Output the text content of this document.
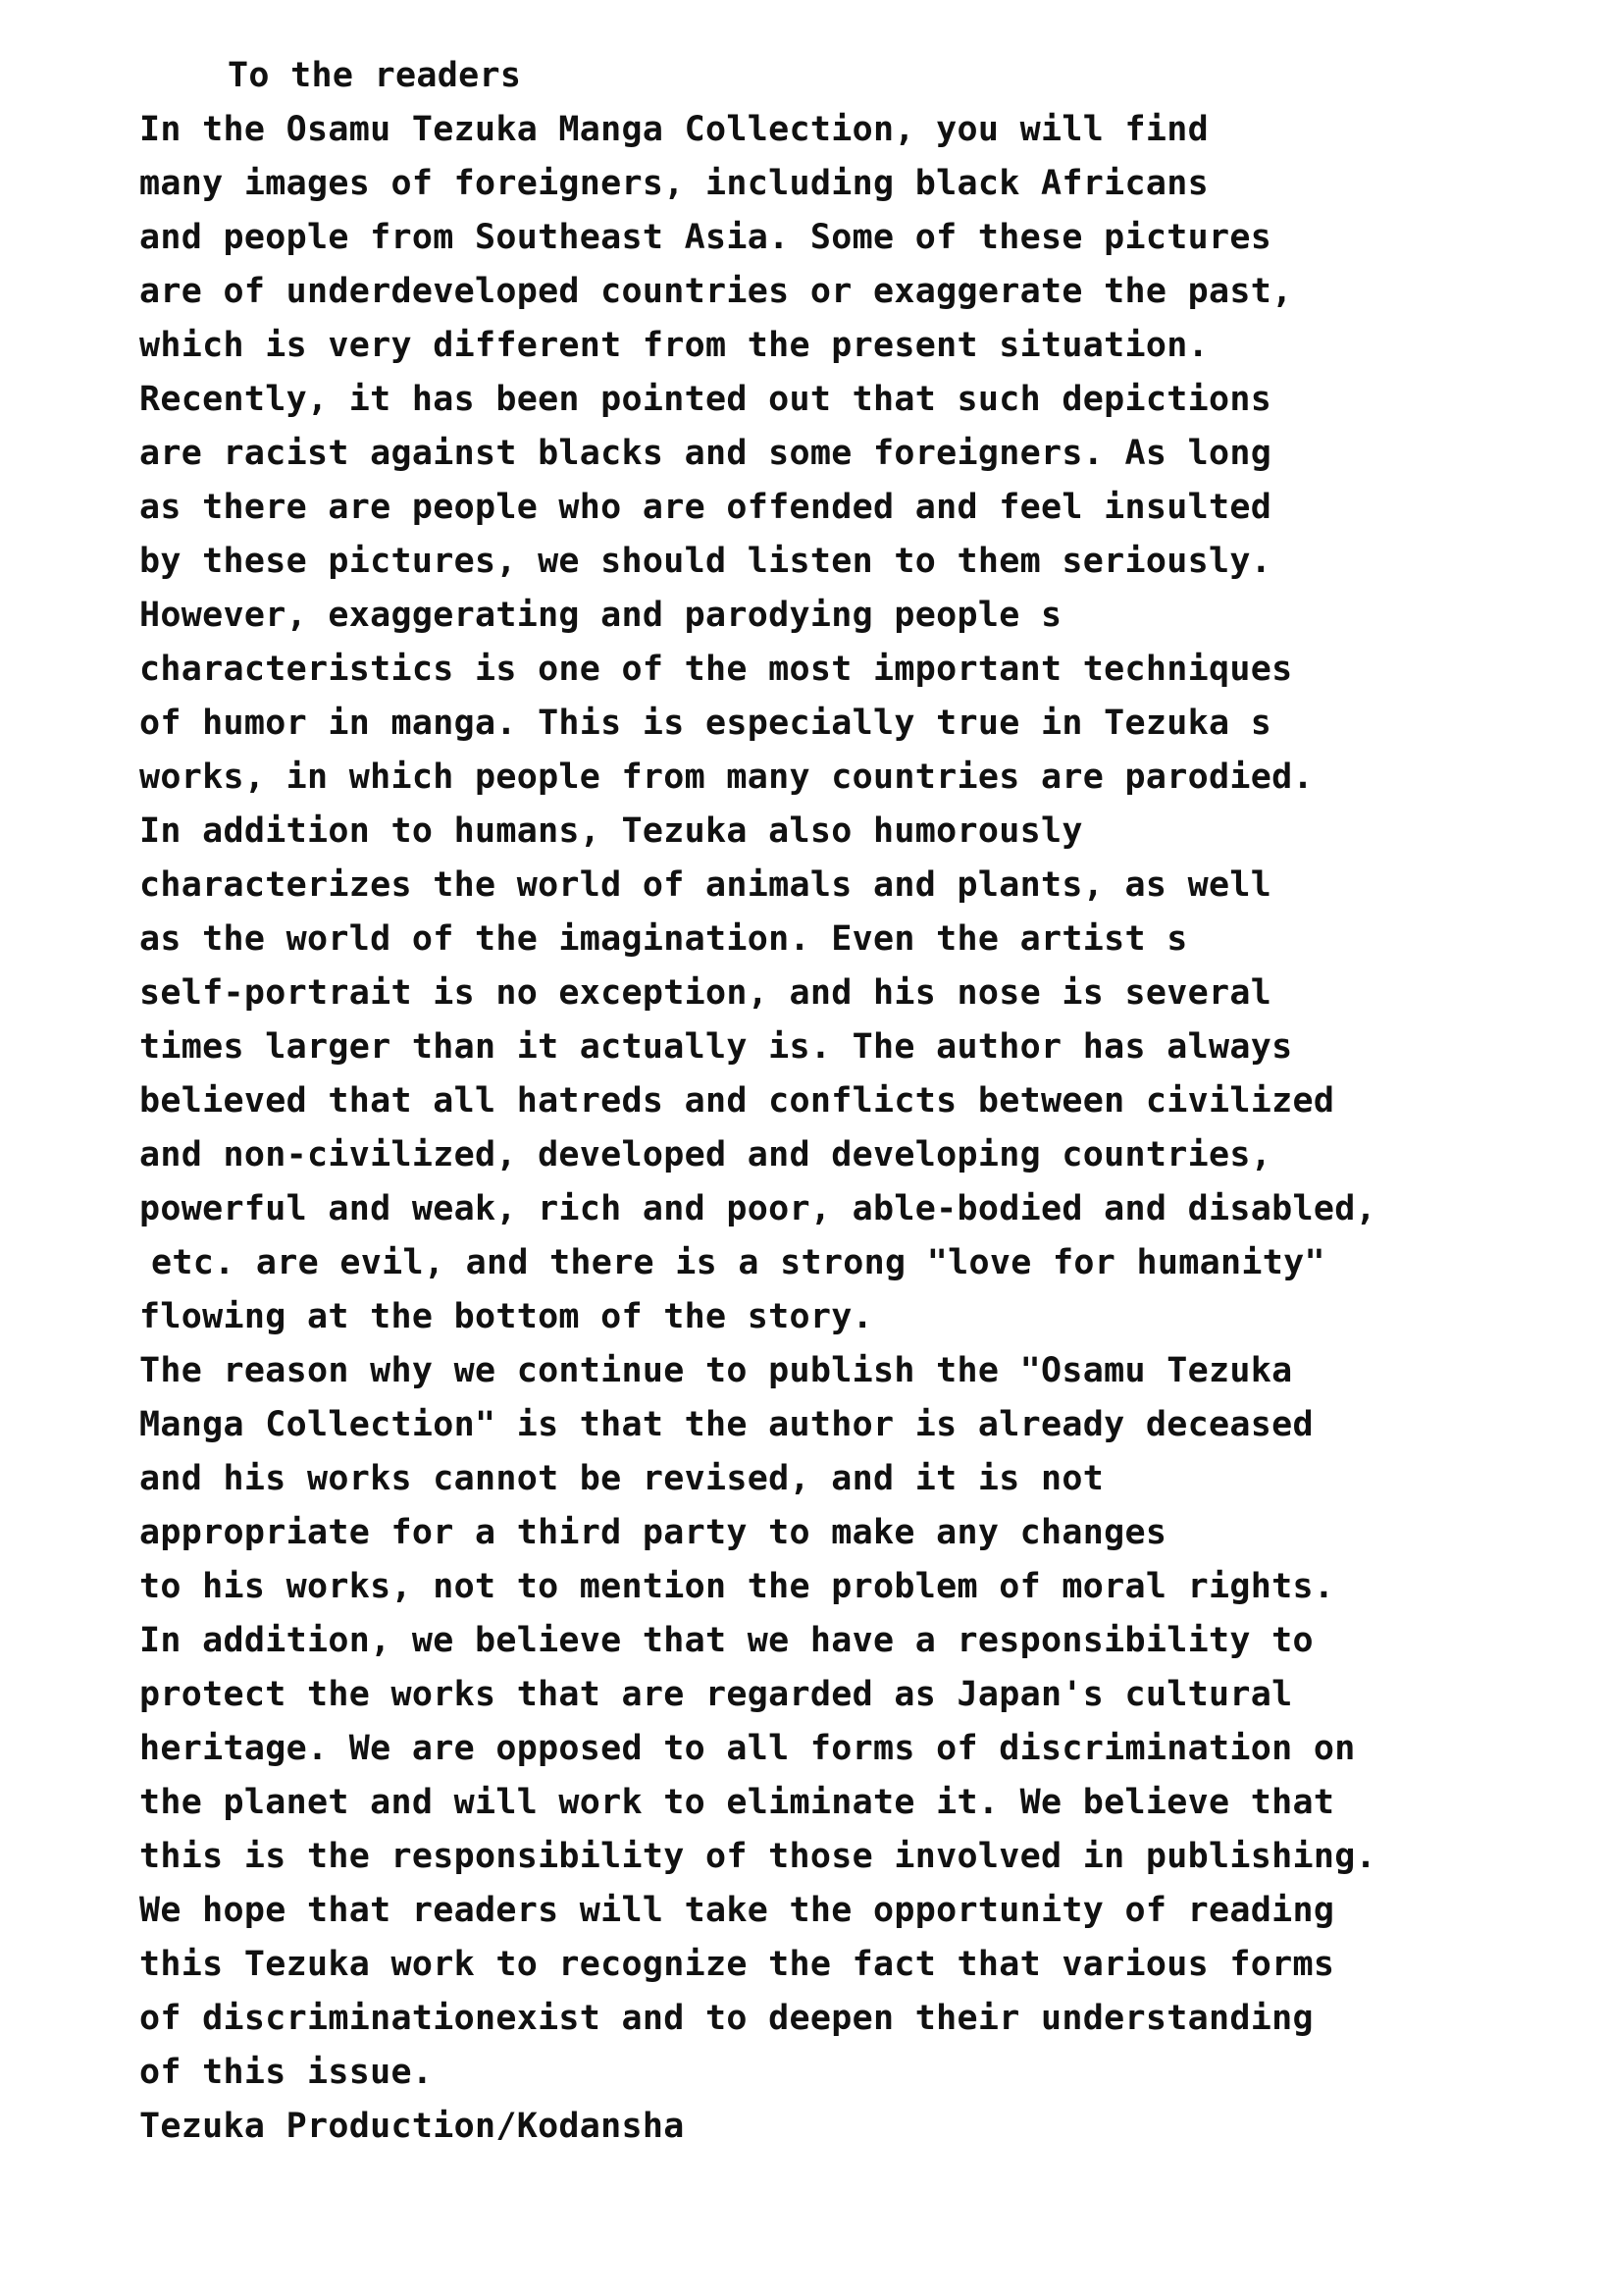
To the readers
In the Osamu Tezuka Manga Collection, you will find
many images of foreigners, including black Africans
and people from Southeast Asia. Some of these pictures
are of underdeveloped countries or exaggerate the past,
which is very different from the present situation.
Recently, it has been pointed out that such depictions
are racist against blacks and some foreigners. As long
as there are people who are offended and feel insulted
by these pictures, we should listen to them seriously.
However, exaggerating and parodying people s
characteristics is one of the most important techniques
of humor in manga. This is especially true in Tezuka s
works, in which people from many countries are parodied.
In addition to humans, Tezuka also humorously
characterizes the world of animals and plants, as well
as the world of the imagination. Even the artist s
self-portrait is no exception, and his nose is several
times larger than it actually is. The author has always
believed that all hatreds and conflicts between civilized
and non-civilized, developed and developing countries,
powerful and weak, rich and poor, able-bodied and disabled,
etc. are evil, and there is a strong "love for humanity"
flowing at the bottom of the story.
The reason why we continue to publish the "Osamu Tezuka
Manga Collection" is that the author is already deceased
and his works cannot be revised, and it is not
appropriate for a third party to make any changes
to his works, not to mention the problem of moral rights.
In addition, we believe that we have a responsibility to
protect the works that are regarded as Japan's cultural
heritage. We are opposed to all forms of discrimination on
the planet and will work to eliminate it. We believe that
this is the responsibility of those involved in publishing.
We hope that readers will take the opportunity of reading
this Tezuka work to recognize the fact that various forms
of discriminationexist and to deepen their understanding
of this issue.
Tezuka Production/Kodansha
